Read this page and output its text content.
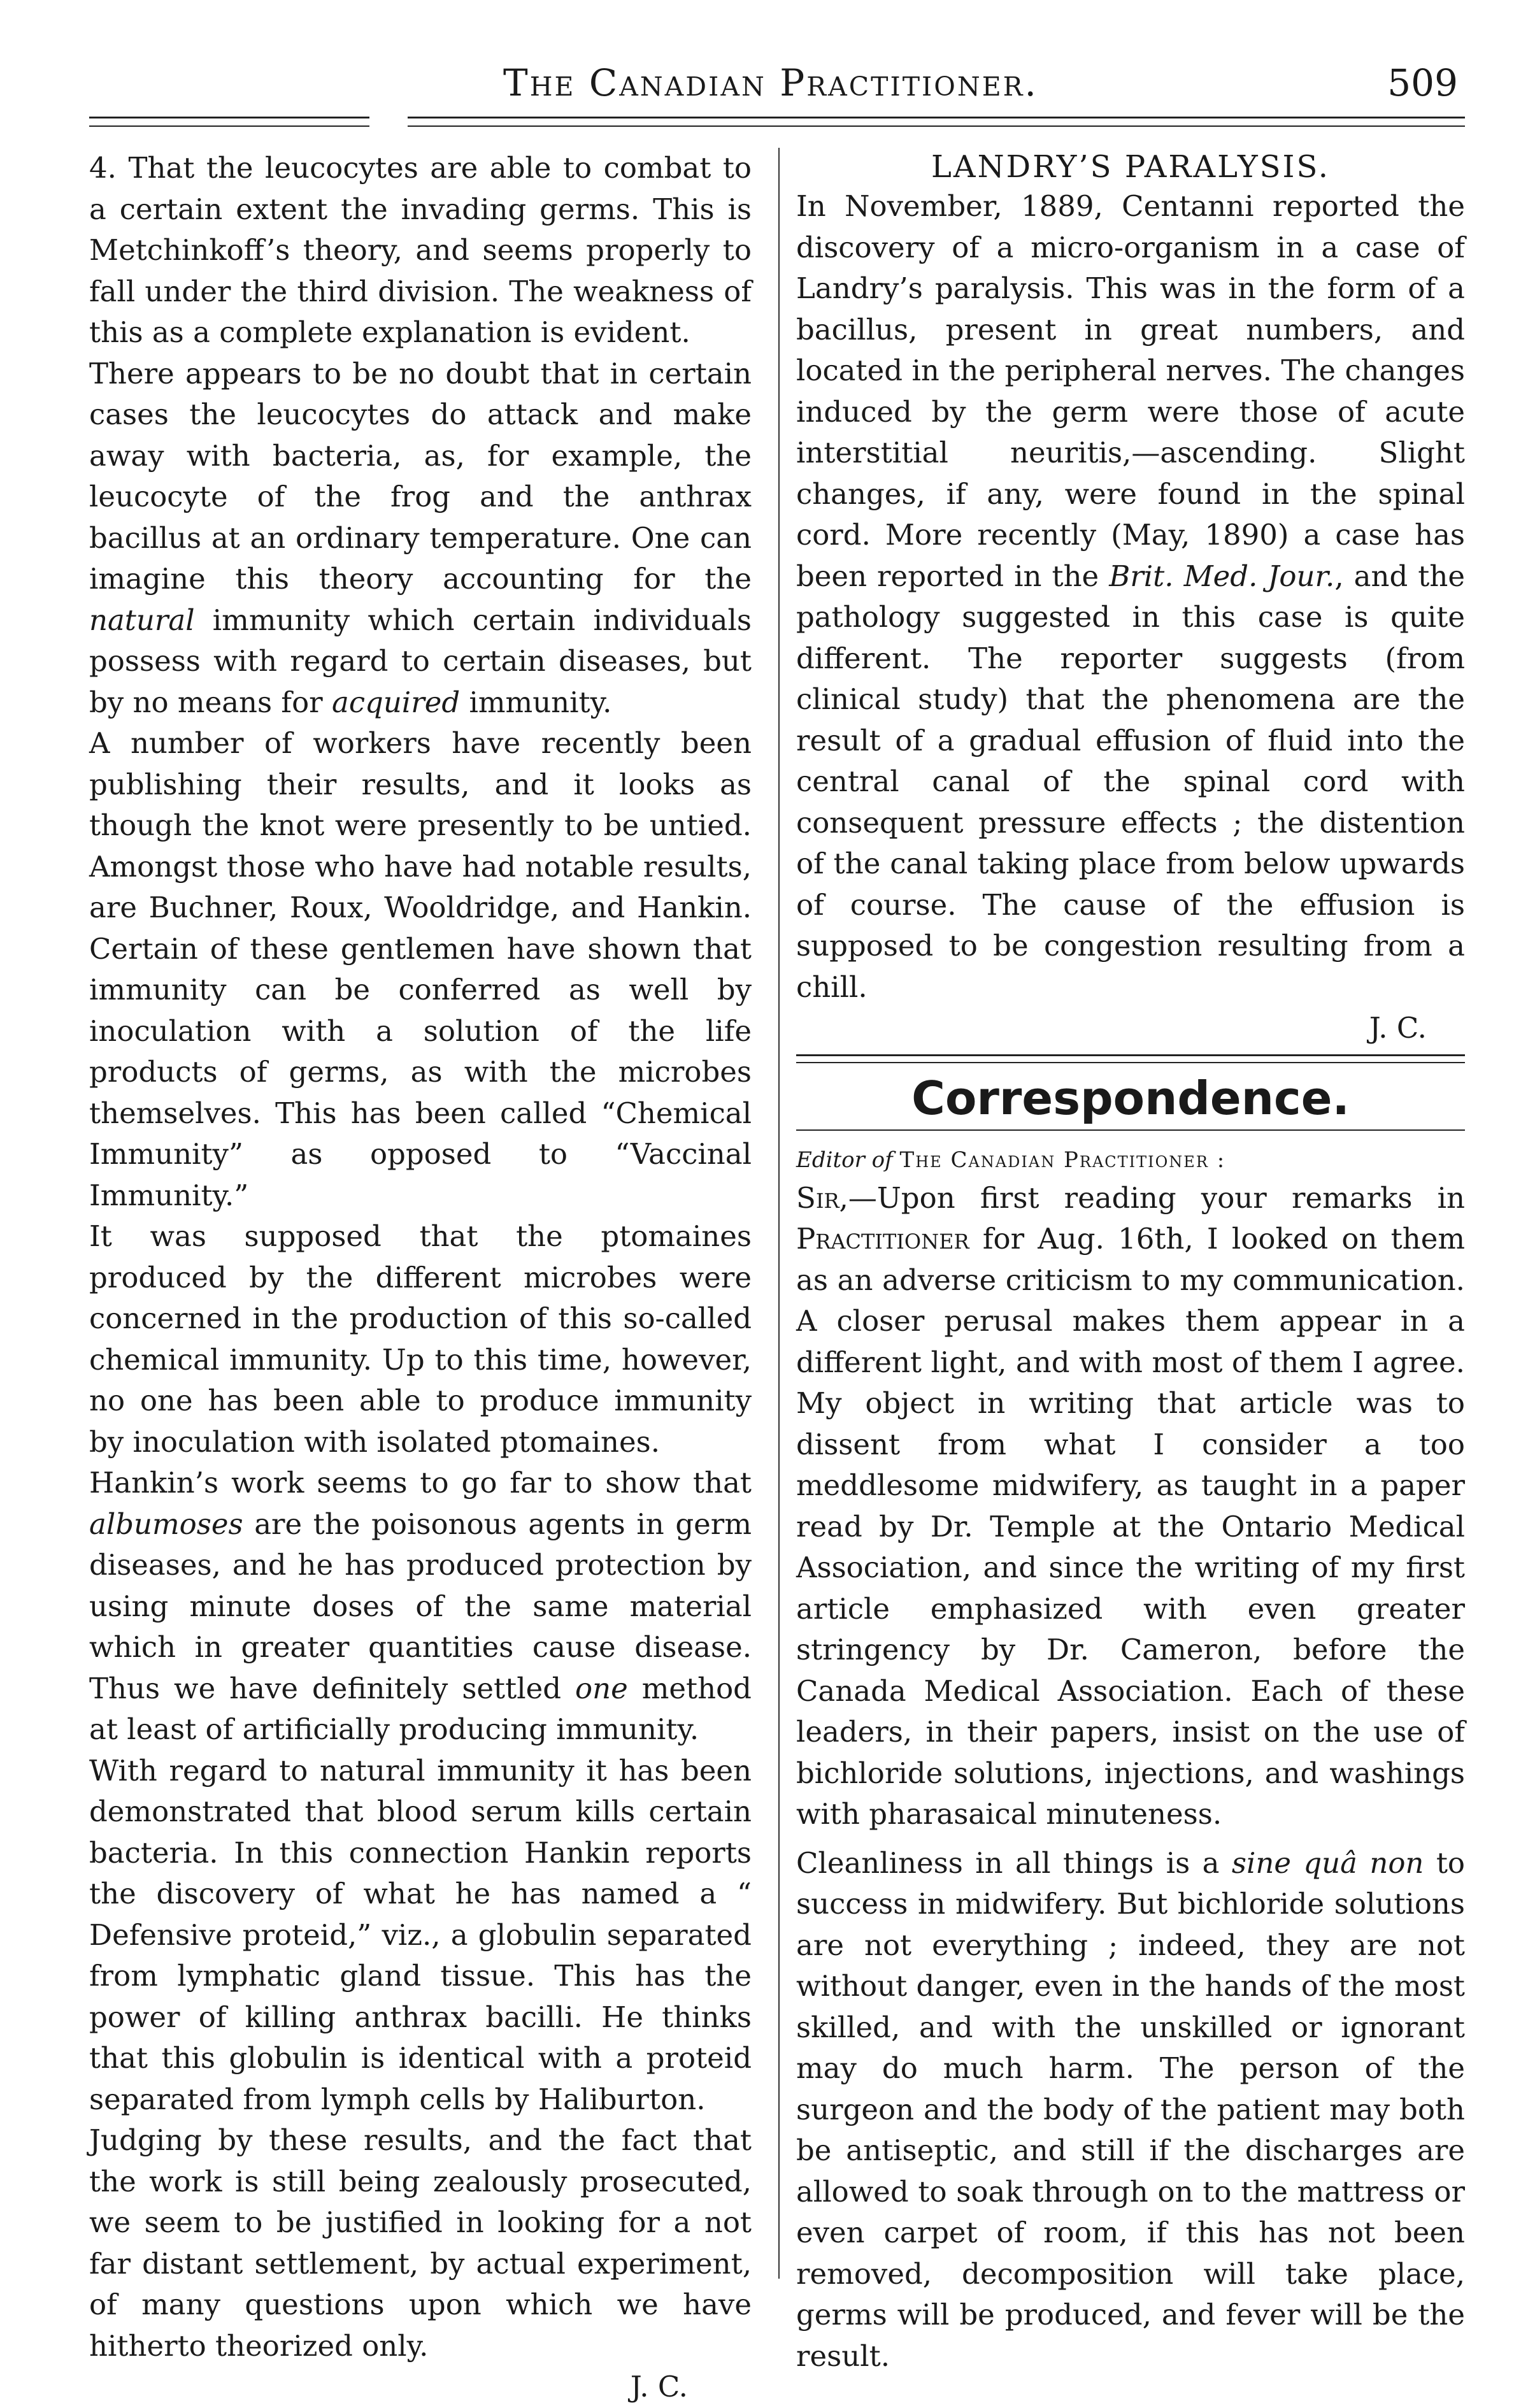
The Canadian Practitioner.	509

4. That the leucocytes are able to combat to a certain extent the invading germs. This is Metchinkoff’s theory, and seems properly to fall under the third division. The weakness of this as a complete explanation is evident.

There appears to be no doubt that in certain cases the leucocytes do attack and make away with bacteria, as, for example, the leucocyte of the frog and the anthrax bacillus at an ordinary temperature. One can imagine this theory accounting for the natural immunity which certain individuals possess with regard to certain diseases, but by no means for acquired immunity.

A number of workers have recently been publishing their results, and it looks as though the knot were presently to be untied. Amongst those who have had notable results, are Buchner, Roux, Wooldridge, and Hankin. Certain of these gentlemen have shown that immunity can be conferred as well by inoculation with a solution of the life products of germs, as with the microbes themselves. This has been called “Chemical Immunity” as opposed to “Vaccinal Immunity.”

It was supposed that the ptomaines produced by the different microbes were concerned in the production of this so-called chemical immunity. Up to this time, however, no one has been able to produce immunity by inoculation with isolated ptomaines.

Hankin’s work seems to go far to show that albumoses are the poisonous agents in germ diseases, and he has produced protection by using minute doses of the same material which in greater quantities cause disease. Thus we have definitely settled one method at least of artificially producing immunity.

With regard to natural immunity it has been demonstrated that blood serum kills certain bacteria. In this connection Hankin reports the discovery of what he has named a “ Defensive proteid,” viz., a globulin separated from lymphatic gland tissue. This has the power of killing anthrax bacilli. He thinks that this globulin is identical with a proteid separated from lymph cells by Haliburton.

Judging by these results, and the fact that the work is still being zealously prosecuted, we seem to be justified in looking for a not far distant settlement, by actual experiment, of many questions upon which we have hitherto theorized only.

J. C.

LANDRY’S PARALYSIS.

In November, 1889, Centanni reported the discovery of a micro-organism in a case of Landry’s paralysis. This was in the form of a bacillus, present in great numbers, and located in the peripheral nerves. The changes induced by the germ were those of acute interstitial neuritis,—ascending. Slight changes, if any, were found in the spinal cord. More recently (May, 1890) a case has been reported in the Brit. Med. Jour., and the pathology suggested in this case is quite different. The reporter suggests (from clinical study) that the phenomena are the result of a gradual effusion of fluid into the central canal of the spinal cord with consequent pressure effects ; the distention of the canal taking place from below upwards of course. The cause of the effusion is supposed to be congestion resulting from a chill.

J. C.

Correspondence.

Editor of The Canadian Practitioner :

Sir,—Upon first reading your remarks in Practitioner for Aug. 16th, I looked on them as an adverse criticism to my communication. A closer perusal makes them appear in a different light, and with most of them I agree. My object in writing that article was to dissent from what I consider a too meddlesome midwifery, as taught in a paper read by Dr. Temple at the Ontario Medical Association, and since the writing of my first article emphasized with even greater stringency by Dr. Cameron, before the Canada Medical Association. Each of these leaders, in their papers, insist on the use of bichloride solutions, injections, and washings with pharasaical minuteness.

Cleanliness in all things is a sine quâ non to success in midwifery. But bichloride solutions are not everything ; indeed, they are not without danger, even in the hands of the most skilled, and with the unskilled or ignorant may do much harm. The person of the surgeon and the body of the patient may both be antiseptic, and still if the discharges are allowed to soak through on to the mattress or even carpet of room, if this has not been removed, decomposition will take place, germs will be produced, and fever will be the result.
